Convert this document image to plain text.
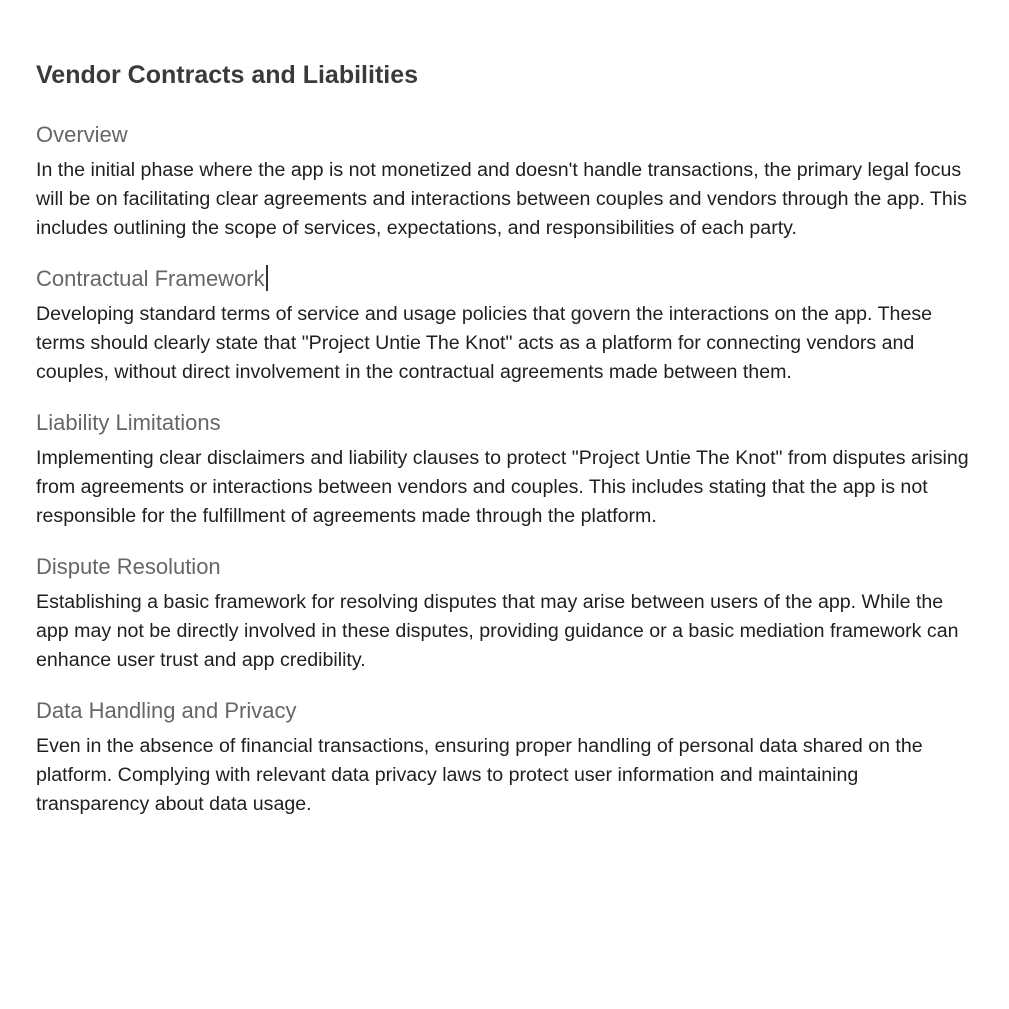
Vendor Contracts and Liabilities
Overview

In the initial phase where the app is not monetized and doesn't handle transactions, the primary legal focus will be on facilitating clear agreements and interactions between couples and vendors through the app. This includes outlining the scope of services, expectations, and responsibilities of each party.

Contractual Framework

Developing standard terms of service and usage policies that govern the interactions on the app. These terms should clearly state that "Project Untie The Knot" acts as a platform for connecting vendors and couples, without direct involvement in the contractual agreements made between them.

Liability Limitations

Implementing clear disclaimers and liability clauses to protect "Project Untie The Knot" from disputes arising from agreements or interactions between vendors and couples. This includes stating that the app is not responsible for the fulfillment of agreements made through the platform.

Dispute Resolution

Establishing a basic framework for resolving disputes that may arise between users of the app. While the app may not be directly involved in these disputes, providing guidance or a basic mediation framework can enhance user trust and app credibility.

Data Handling and Privacy

Even in the absence of financial transactions, ensuring proper handling of personal data shared on the platform. Complying with relevant data privacy laws to protect user information and maintaining transparency about data usage.
